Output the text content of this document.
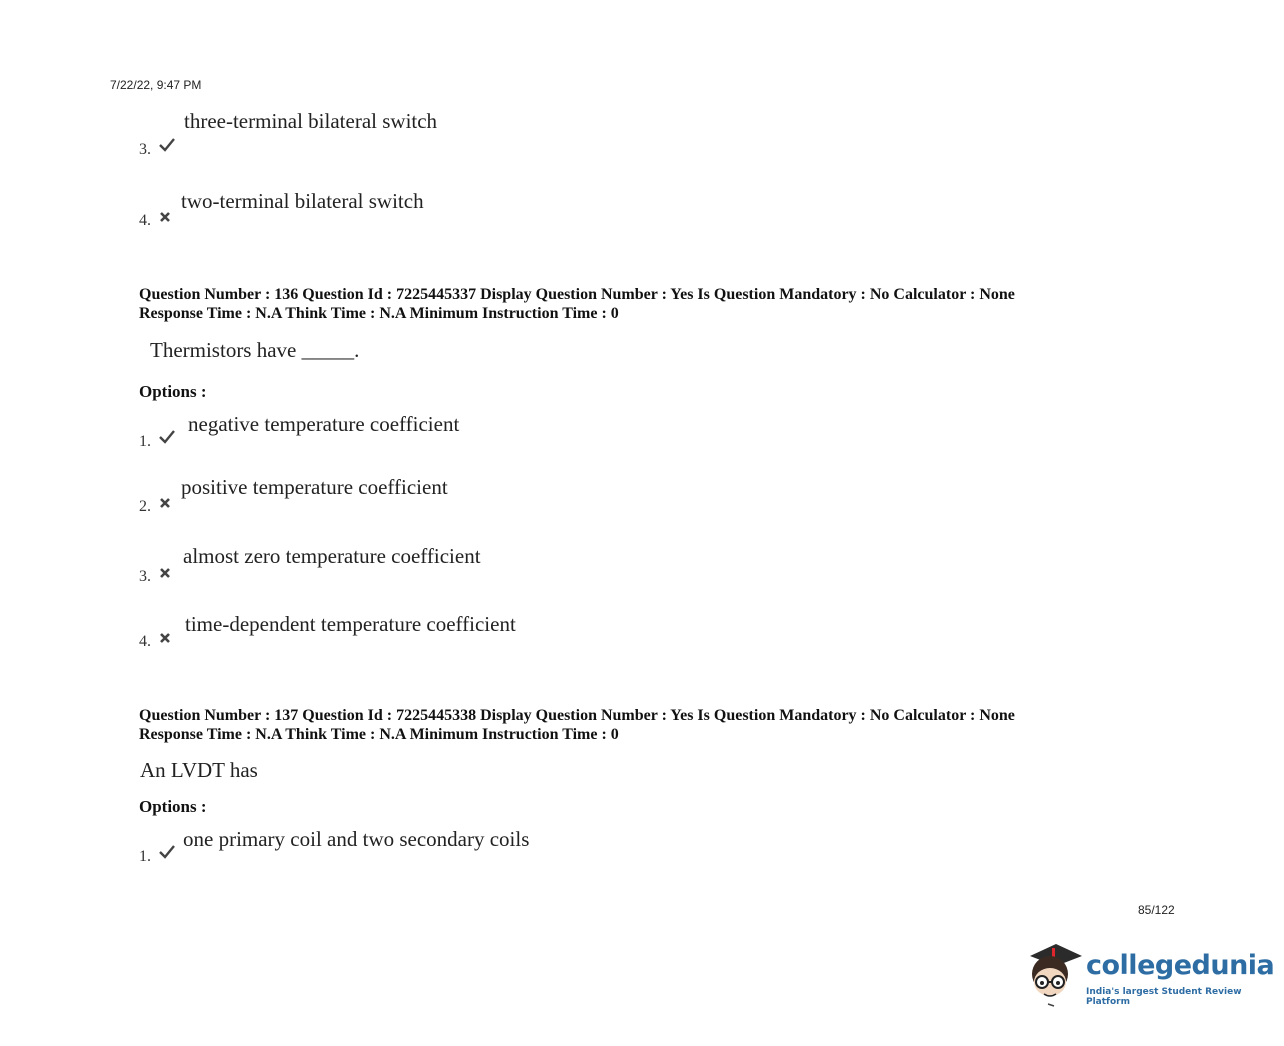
7/22/22, 9:47 PM
three-terminal bilateral switch
3.
two-terminal bilateral switch
4.
Question Number : 136 Question Id : 7225445337 Display Question Number : Yes Is Question Mandatory : No Calculator : None
Response Time : N.A Think Time : N.A Minimum Instruction Time : 0
Thermistors have _____.
Options :
negative temperature coefficient
1.
positive temperature coefficient
2.
almost zero temperature coefficient
3.
time-dependent temperature coefficient
4.
Question Number : 137 Question Id : 7225445338 Display Question Number : Yes Is Question Mandatory : No Calculator : None
Response Time : N.A Think Time : N.A Minimum Instruction Time : 0
An LVDT has
Options :
one primary coil and two secondary coils
1.
85/122
collegedunia
India's largest Student Review Platform
